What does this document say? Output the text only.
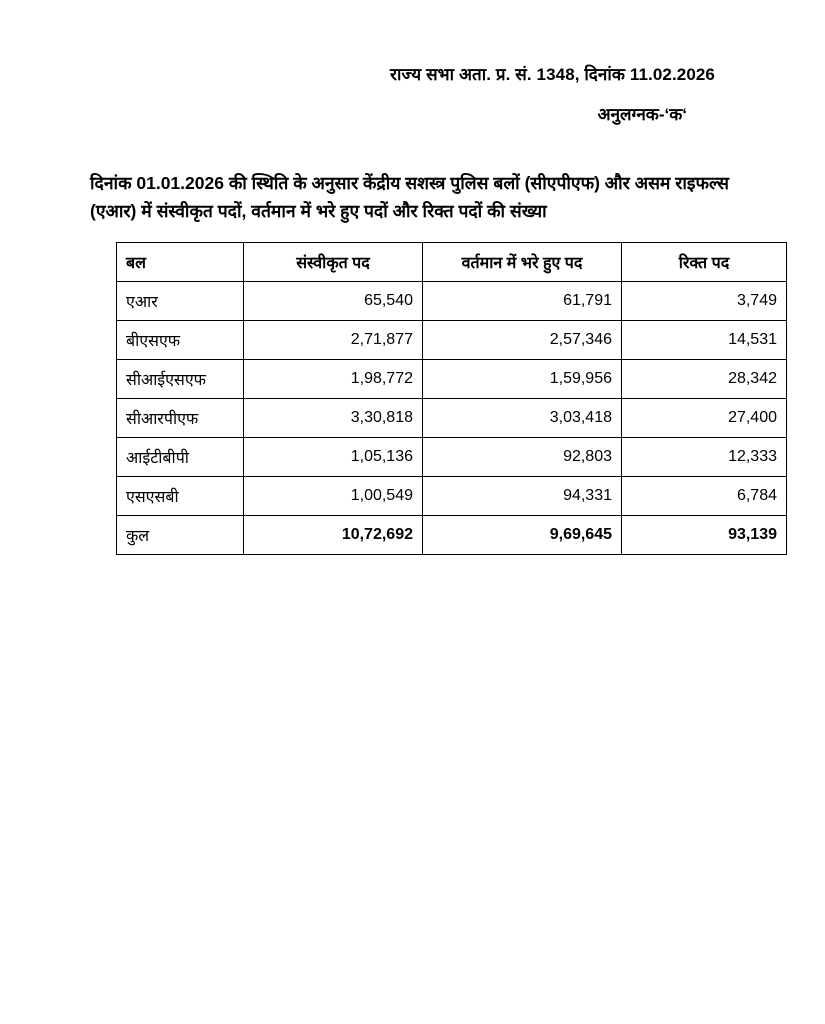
राज्य सभा अता. प्र. सं. 1348, दिनांक 11.02.2026
अनुलग्नक-‘क‘
दिनांक 01.01.2026 की स्थिति के अनुसार केंद्रीय सशस्त्र पुलिस बलों (सीएपीएफ) और असम राइफल्स (एआर) में संस्वीकृत पदों, वर्तमान में भरे हुए पदों और रिक्त पदों की संख्या
बल	संस्वीकृत पद	वर्तमान में भरे हुए पद	रिक्त पद
एआर	65,540	61,791	3,749
बीएसएफ	2,71,877	2,57,346	14,531
सीआईएसएफ	1,98,772	1,59,956	28,342
सीआरपीएफ	3,30,818	3,03,418	27,400
आईटीबीपी	1,05,136	92,803	12,333
एसएसबी	1,00,549	94,331	6,784
कुल	10,72,692	9,69,645	93,139
